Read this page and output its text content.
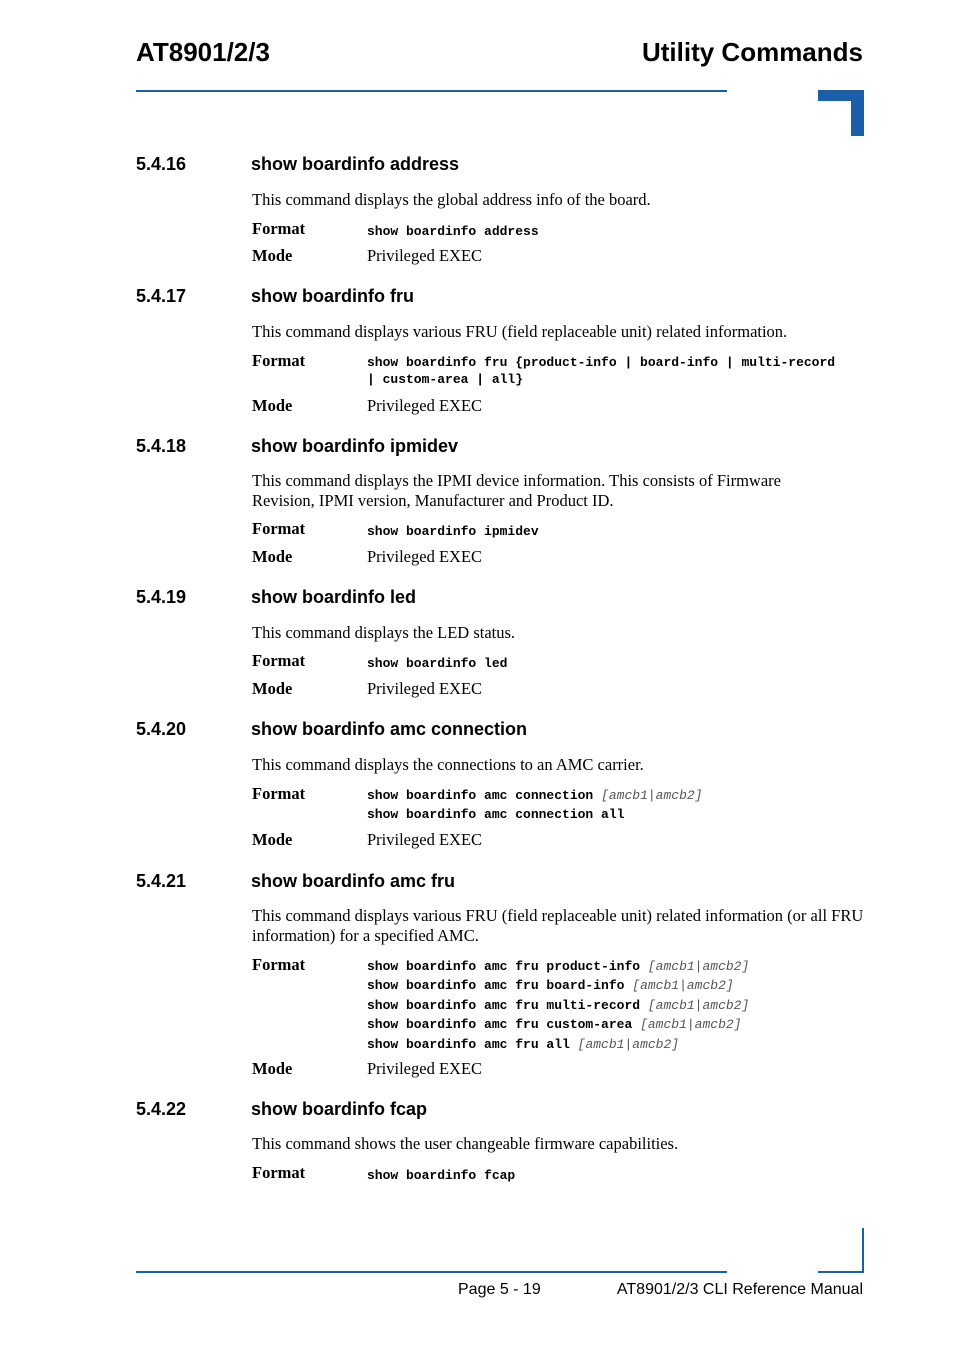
AT8901/2/3	Utility Commands
5.4.16	show boardinfo address
This command displays the global address info of the board.
Format	show boardinfo address
Mode	Privileged EXEC
5.4.17	show boardinfo fru
This command displays various FRU (field replaceable unit) related information.
Format	show boardinfo fru {product-info | board-info | multi-record | custom-area | all}
Mode	Privileged EXEC
5.4.18	show boardinfo ipmidev
This command displays the IPMI device information. This consists of Firmware Revision, IPMI version, Manufacturer and Product ID.
Format	show boardinfo ipmidev
Mode	Privileged EXEC
5.4.19	show boardinfo led
This command displays the LED status.
Format	show boardinfo led
Mode	Privileged EXEC
5.4.20	show boardinfo amc connection
This command displays the connections to an AMC carrier.
Format	show boardinfo amc connection [amcb1|amcb2]
show boardinfo amc connection all
Mode	Privileged EXEC
5.4.21	show boardinfo amc fru
This command displays various FRU (field replaceable unit) related information (or all FRU information) for a specified AMC.
Format	show boardinfo amc fru product-info [amcb1|amcb2]
show boardinfo amc fru board-info [amcb1|amcb2]
show boardinfo amc fru multi-record [amcb1|amcb2]
show boardinfo amc fru custom-area [amcb1|amcb2]
show boardinfo amc fru all [amcb1|amcb2]
Mode	Privileged EXEC
5.4.22	show boardinfo fcap
This command shows the user changeable firmware capabilities.
Format	show boardinfo fcap
Page 5 - 19	AT8901/2/3 CLI Reference Manual
